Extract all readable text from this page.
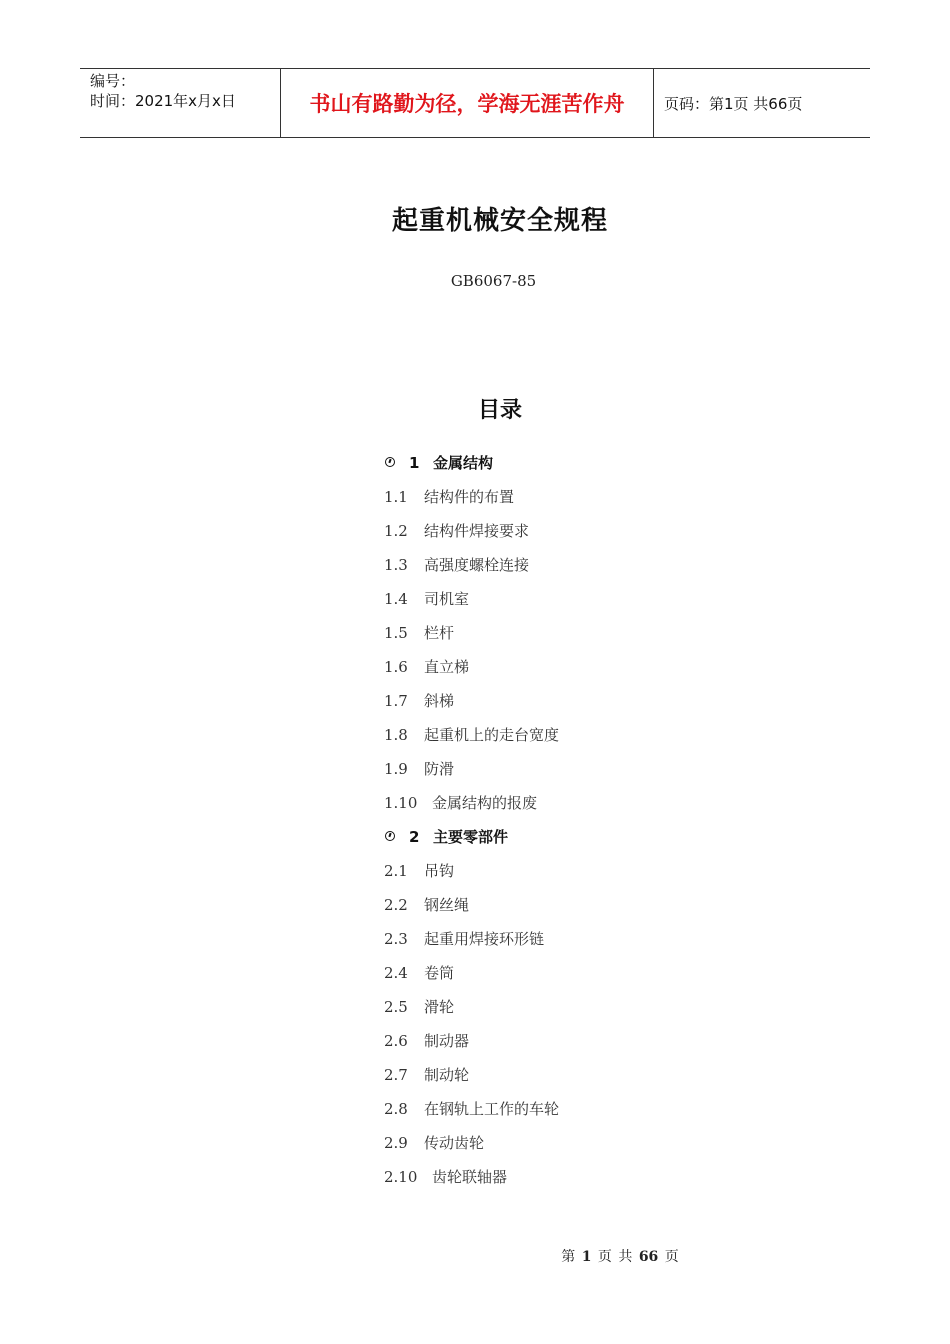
编号：
时间：2021年x月x日	书山有路勤为径，学海无涯苦作舟	页码：第1页 共66页
起重机械安全规程
GB6067-85
目录
1 金属结构
1.1	结构件的布置
1.2	结构件焊接要求
1.3	高强度螺栓连接
1.4	司机室
1.5	栏杆
1.6	直立梯
1.7	斜梯
1.8	起重机上的走台宽度
1.9	防滑
1.10 金属结构的报废
2 主要零部件
2.1	吊钩
2.2	钢丝绳
2.3	起重用焊接环形链
2.4	卷筒
2.5	滑轮
2.6	制动器
2.7	制动轮
2.8	在钢轨上工作的车轮
2.9	传动齿轮
2.10 齿轮联轴器
第 1 页 共 66 页
